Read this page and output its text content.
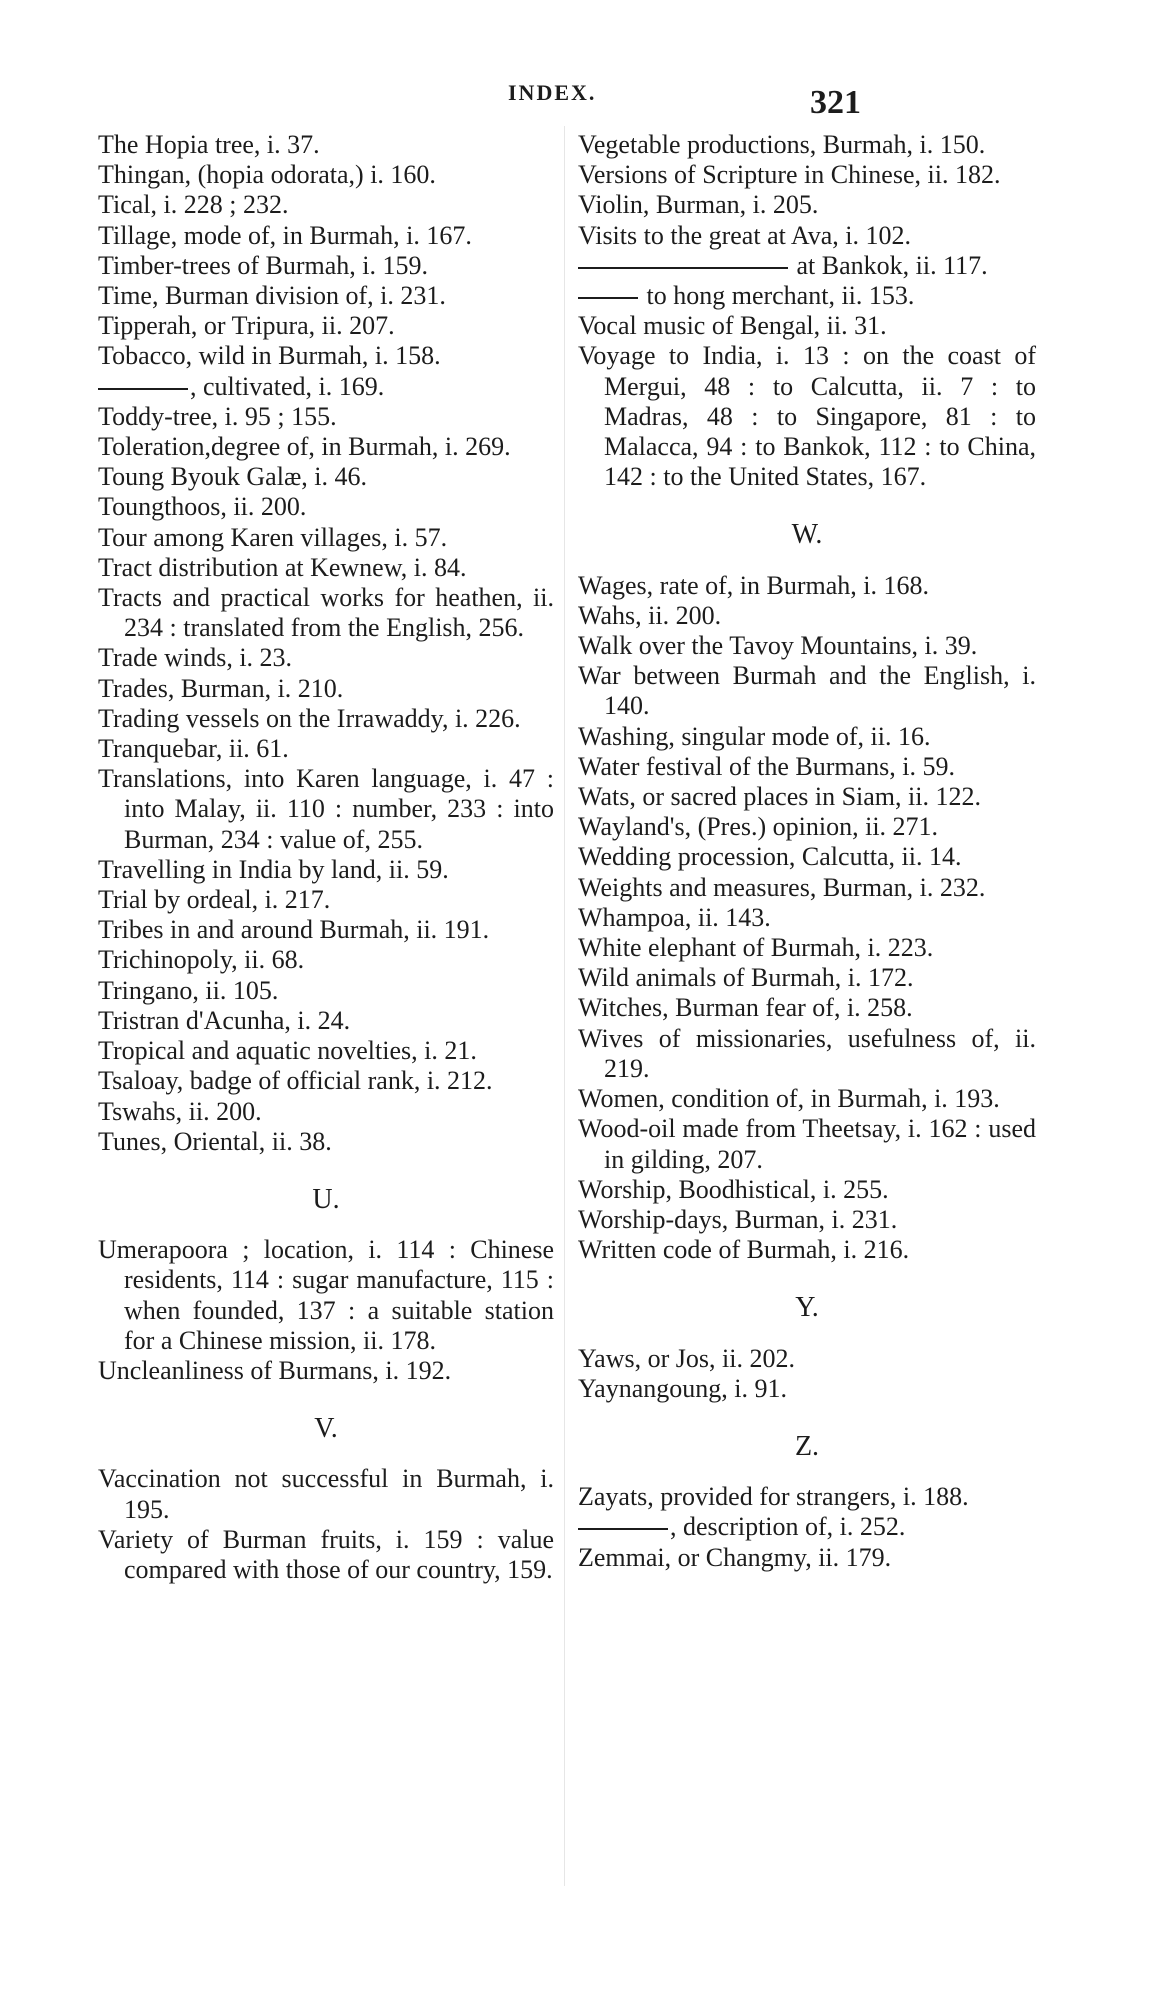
INDEX.	321

The Hopia tree, i. 37.

Thingan, (hopia odorata,) i. 160.

Tical, i. 228 ; 232.

Tillage, mode of, in Burmah, i. 167.

Timber-trees of Burmah, i. 159.

Time, Burman division of, i. 231.

Tipperah, or Tripura, ii. 207.

Tobacco, wild in Burmah, i. 158.

, cultivated, i. 169.

Toddy-tree, i. 95 ; 155.

Toleration,degree of, in Burmah, i. 269.

Toung Byouk Galæ, i. 46.

Toungthoos, ii. 200.

Tour among Karen villages, i. 57.

Tract distribution at Kewnew, i. 84.

Tracts and practical works for heathen, ii. 234 : translated from the English, 256.

Trade winds, i. 23.

Trades, Burman, i. 210.

Trading vessels on the Irrawaddy, i. 226.

Tranquebar, ii. 61.

Translations, into Karen language, i. 47 : into Malay, ii. 110 : number, 233 : into Burman, 234 : value of, 255.

Travelling in India by land, ii. 59.

Trial by ordeal, i. 217.

Tribes in and around Burmah, ii. 191.

Trichinopoly, ii. 68.

Tringano, ii. 105.

Tristran d'Acunha, i. 24.

Tropical and aquatic novelties, i. 21.

Tsaloay, badge of official rank, i. 212.

Tswahs, ii. 200.

Tunes, Oriental, ii. 38.

U.

Umerapoora ; location, i. 114 : Chinese residents, 114 : sugar manufacture, 115 : when founded, 137 : a suitable station for a Chinese mission, ii. 178.

Uncleanliness of Burmans, i. 192.

V.

Vaccination not successful in Burmah, i. 195.

Variety of Burman fruits, i. 159 : value compared with those of our country, 159.

Vegetable productions, Burmah, i. 150.

Versions of Scripture in Chinese, ii. 182.

Violin, Burman, i. 205.

Visits to the great at Ava, i. 102.

at Bankok, ii. 117.

to hong merchant, ii. 153.

Vocal music of Bengal, ii. 31.

Voyage to India, i. 13 : on the coast of Mergui, 48 : to Calcutta, ii. 7 : to Madras, 48 : to Singapore, 81 : to Malacca, 94 : to Bankok, 112 : to China, 142 : to the United States, 167.

W.

Wages, rate of, in Burmah, i. 168.

Wahs, ii. 200.

Walk over the Tavoy Mountains, i. 39.

War between Burmah and the English, i. 140.

Washing, singular mode of, ii. 16.

Water festival of the Burmans, i. 59.

Wats, or sacred places in Siam, ii. 122.

Wayland's, (Pres.) opinion, ii. 271.

Wedding procession, Calcutta, ii. 14.

Weights and measures, Burman, i. 232.

Whampoa, ii. 143.

White elephant of Burmah, i. 223.

Wild animals of Burmah, i. 172.

Witches, Burman fear of, i. 258.

Wives of missionaries, usefulness of, ii. 219.

Women, condition of, in Burmah, i. 193.

Wood-oil made from Theetsay, i. 162 : used in gilding, 207.

Worship, Boodhistical, i. 255.

Worship-days, Burman, i. 231.

Written code of Burmah, i. 216.

Y.

Yaws, or Jos, ii. 202.

Yaynangoung, i. 91.

Z.

Zayats, provided for strangers, i. 188.

, description of, i. 252.

Zemmai, or Changmy, ii. 179.
